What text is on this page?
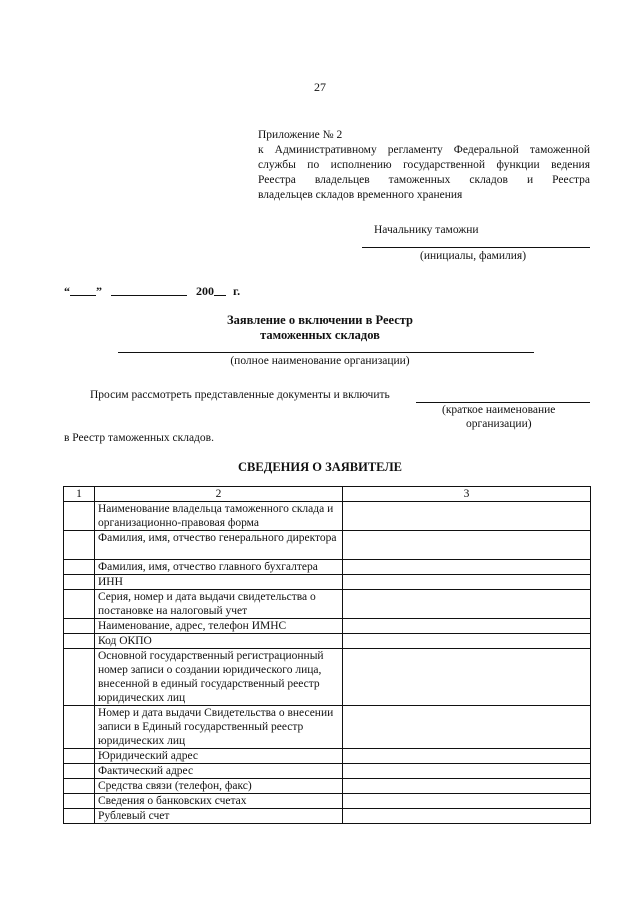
27
Приложение № 2
к Административному регламенту Федеральной таможенной
службы по исполнению государственной функции ведения
Реестра владельцев таможенных складов и Реестра
владельцев складов временного хранения
Начальнику таможни
(инициалы, фамилия)
“ ”	200 г.
Заявление о включении в Реестр
таможенных складов
(полное наименование организации)
Просим рассмотреть представленные документы и включить
(краткое наименование
организации)
в Реестр таможенных складов.
СВЕДЕНИЯ О ЗАЯВИТЕЛЕ
1	2	3
	Наименование владельца таможенного склада и организационно-правовая форма	
	Фамилия, имя, отчество генерального директора	
	Фамилия, имя, отчество главного бухгалтера	
	ИНН	
	Серия, номер и дата выдачи свидетельства о постановке на налоговый учет	
	Наименование, адрес, телефон ИМНС	
	Код ОКПО	
	Основной государственный регистрационный номер записи о создании юридического лица, внесенной в единый государственный реестр юридических лиц	
	Номер и дата выдачи Свидетельства о внесении записи в Единый государственный реестр юридических лиц	
	Юридический адрес	
	Фактический адрес	
	Средства связи (телефон, факс)	
	Сведения о банковских счетах	
	Рублевый счет	
